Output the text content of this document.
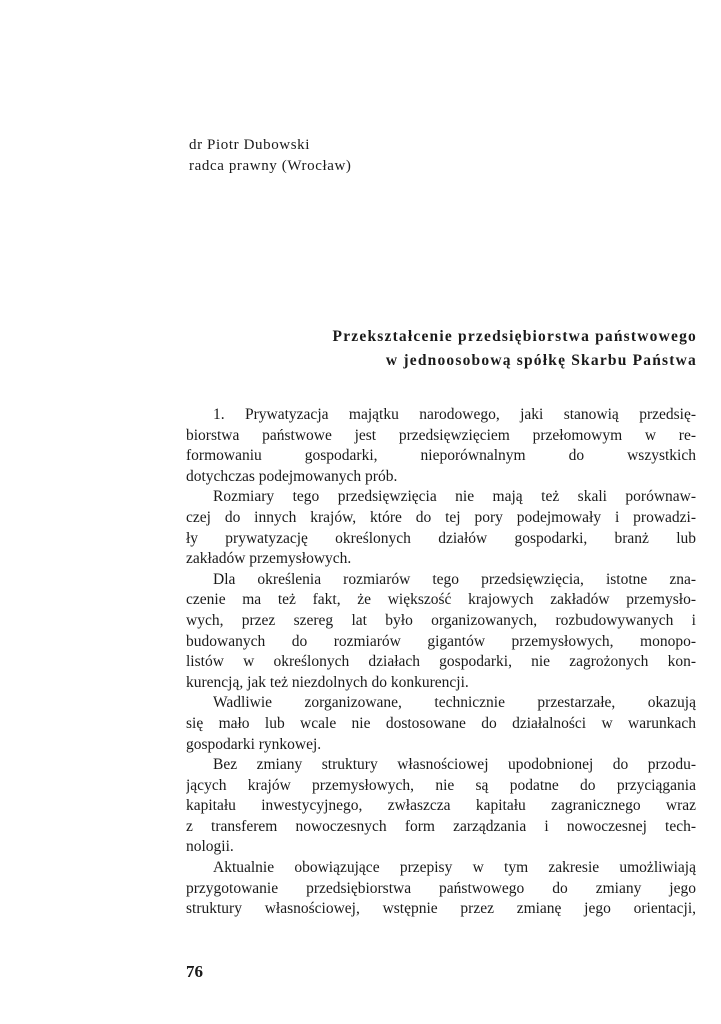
dr Piotr Dubowski
radca prawny (Wrocław)
Przekształcenie przedsiębiorstwa państwowego
w jednoosobową spółkę Skarbu Państwa
1. Prywatyzacja majątku narodowego, jaki stanowią przedsię-
biorstwa państwowe jest przedsięwzięciem przełomowym w re-
formowaniu gospodarki, nieporównalnym do wszystkich
dotychczas podejmowanych prób.
Rozmiary tego przedsięwzięcia nie mają też skali porównaw-
czej do innych krajów, które do tej pory podejmowały i prowadzi-
ły prywatyzację określonych działów gospodarki, branż lub
zakładów przemysłowych.
Dla określenia rozmiarów tego przedsięwzięcia, istotne zna-
czenie ma też fakt, że większość krajowych zakładów przemysło-
wych, przez szereg lat było organizowanych, rozbudowywanych i
budowanych do rozmiarów gigantów przemysłowych, monopo-
listów w określonych działach gospodarki, nie zagrożonych kon-
kurencją, jak też niezdolnych do konkurencji.
Wadliwie zorganizowane, technicznie przestarzałe, okazują
się mało lub wcale nie dostosowane do działalności w warunkach
gospodarki rynkowej.
Bez zmiany struktury własnościowej upodobnionej do przodu-
jących krajów przemysłowych, nie są podatne do przyciągania
kapitału inwestycyjnego, zwłaszcza kapitału zagranicznego wraz
z transferem nowoczesnych form zarządzania i nowoczesnej tech-
nologii.
Aktualnie obowiązujące przepisy w tym zakresie umożliwiają
przygotowanie przedsiębiorstwa państwowego do zmiany jego
struktury własnościowej, wstępnie przez zmianę jego orientacji,
76
